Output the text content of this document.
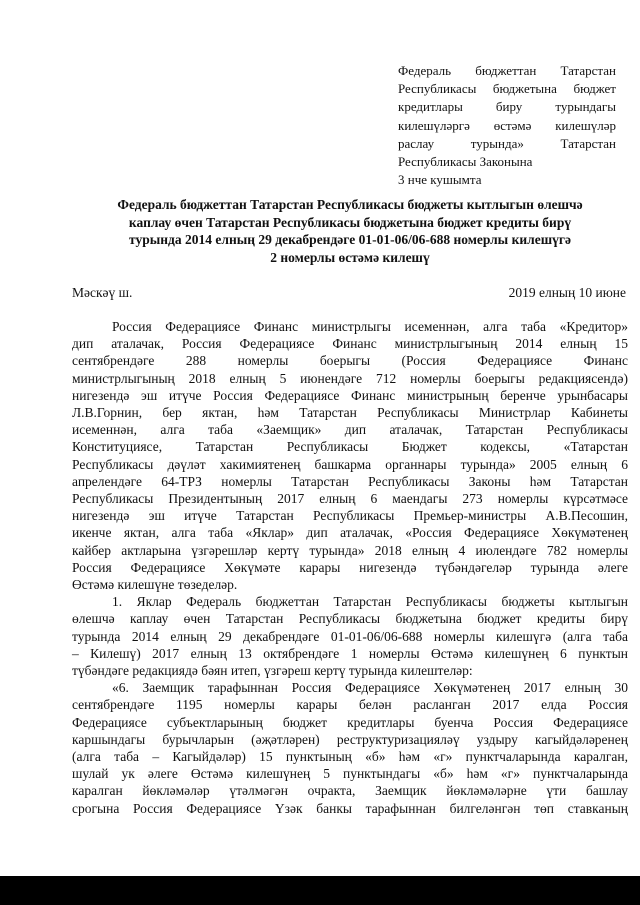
Федераль бюджеттан Татарстан
Республикасы бюджетына бюджет
кредитлары биру турындагы
килешүләргә өстәмә килешүләр
раслау турында» Татарстан
Республикасы Законына
3 нче кушымта
Федераль бюджеттан Татарстан Республикасы бюджеты кытлыгын өлешчә
каплау өчен Татарстан Республикасы бюджетына бюджет кредиты бирү
турында 2014 елның 29 декабрендәге 01-01-06/06-688 номерлы килешүгә
2 номерлы өстәмә килешү
Мәскәү ш.	2019 елның 10 июне
Россия Федерациясе Финанс министрлыгы исеменнән, алга таба «Кредитор»
дип аталачак, Россия Федерациясе Финанс министрлыгының 2014 елның 15
сентябрендәге 288 номерлы боерыгы (Россия Федерациясе Финанс
министрлыгының 2018 елның 5 июнендәге 712 номерлы боерыгы редакциясендә)
нигезендә эш итүче Россия Федерациясе Финанс министрының беренче урынбасары
Л.В.Горнин, бер яктан, һәм Татарстан Республикасы Министрлар Кабинеты
исеменнән, алга таба «Заемщик» дип аталачак, Татарстан Республикасы
Конституциясе, Татарстан Республикасы Бюджет кодексы, «Татарстан
Республикасы дәүләт хакимиятенең башкарма органнары турында» 2005 елның 6
апрелендәге 64-ТРЗ номерлы Татарстан Республикасы Законы һәм Татарстан
Республикасы Президентының 2017 елның 6 маендагы 273 номерлы күрсәтмәсе
нигезендә эш итүче Татарстан Республикасы Премьер-министры А.В.Песошин,
икенче яктан, алга таба «Яклар» дип аталачак, «Россия Федерациясе Хөкүмәтенең
кайбер актларына үзгәрешләр кертү турында» 2018 елның 4 июлендәге 782 номерлы
Россия Федерациясе Хөкүмәте карары нигезендә түбәндәгеләр турында әлеге
Өстәмә килешүне төзеделәр.
1. Яклар Федераль бюджеттан Татарстан Республикасы бюджеты кытлыгын
өлешчә каплау өчен Татарстан Республикасы бюджетына бюджет кредиты бирү
турында 2014 елның 29 декабрендәге 01-01-06/06-688 номерлы килешүгә (алга таба
– Килешү) 2017 елның 13 октябрендәге 1 номерлы Өстәмә килешүнең 6 пунктын
түбәндәге редакциядә бәян итеп, үзгәреш кертү турында килештеләр:
«6. Заемщик тарафыннан Россия Федерациясе Хөкүмәтенең 2017 елның 30
сентябрендәге 1195 номерлы карары белән расланган 2017 елда Россия
Федерациясе субъектларының бюджет кредитлары буенча Россия Федерациясе
каршындагы бурычларын (әҗәтләрен) реструктуризацияләү уздыру кагыйдәләренең
(алга таба – Кагыйдәләр) 15 пунктының «б» һәм «г» пунктчаларында каралган,
шулай ук әлеге Өстәмә килешүнең 5 пунктындагы «б» һәм «г» пунктчаларында
каралган йөкләмәләр үтәлмәгән очракта, Заемщик йөкләмәләрне үти башлау
срогына Россия Федерациясе Үзәк банкы тарафыннан билгеләнгән төп ставканың
